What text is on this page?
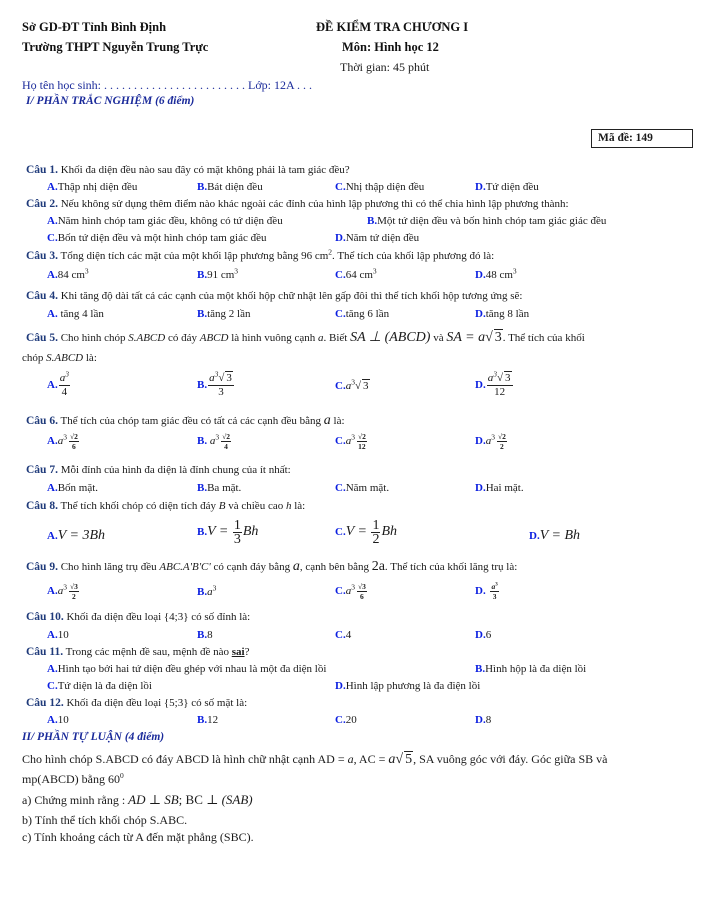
Sở GD-ĐT Tỉnh Bình Định
Trường THPT Nguyễn Trung Trực
ĐỀ KIỂM TRA CHƯƠNG I
Môn: Hình học 12
Thời gian: 45 phút
Họ tên học sinh: . . . . . . . . . . . . . . . . . . . . . . . . Lớp: 12A . . .
I/ PHẦN TRẮC NGHIỆM (6 điểm)
Mã đề: 149
Câu 1. Khối đa diện đều nào sau đây có mặt không phải là tam giác đều?
A.Thập nhị diện đều	B.Bát diện đều	C.Nhị thập diện đều	D.Tứ diện đều
Câu 2. Nếu không sử dụng thêm điểm nào khác ngoài các đỉnh của hình lập phương thì có thể chia hình lập phương thành:
A.Năm hình chóp tam giác đều, không có tứ diện đều	B.Một tứ diện đều và bốn hình chóp tam giác giác đều
C.Bốn tứ diện đều và một hình chóp tam giác đều	D.Năm tứ diện đều
Câu 3. Tổng diện tích các mặt của một khối lập phương bằng 96 $cm^2$. Thể tích của khối lập phương đó là:
A.84 $cm^3$	B.91 $cm^3$	C.64 $cm^3$	D.48 $cm^3$
Câu 4. Khi tăng độ dài tất cả các cạnh của một khối hộp chữ nhật lên gấp đôi thì thể tích khối hộp tương ứng sẽ:
A. tăng 4 lần	B.tăng 2 lần	C.tăng 6 lần	D.tăng 8 lần
Câu 5. Cho hình chóp S.ABCD có đáy ABCD là hình vuông cạnh a. Biết SA ⊥ (ABCD) và SA = a√ 3. Thể tích của khối
chóp S.ABCD là:
A. $\frac{a^3}{4}$	B. $\frac{a^3√ 3}{3}$	$C.a^3√$ 3	D. $\frac{a^3√ 3}{12}$
Câu 6. Thể tích của chóp tam giác đều có tất cả các cạnh đều bằng a là:
$A.a^3 \frac{√2}{6}$	B. $a^3 \frac{√2}{4}$	$C.a^3 \frac{√2}{12}$	$D.a^3 \frac{√2}{2}$
Câu 7. Mỗi đỉnh của hình đa diện là đỉnh chung của ít nhất:
A.Bốn mặt.	B.Ba mặt.	C.Năm mặt.	D.Hai mặt.
Câu 8. Thể tích khối chóp có diện tích đáy B và chiều cao h là:
A.V = 3Bh	$B.V = \frac{1}{3}$ Bh	$C.V = \frac{1}{2}$ Bh	D.V = Bh
Câu 9. Cho hình lăng trụ đều ABC.A'B'C' có cạnh đáy bằng a, cạnh bên bằng 2a. Thể tích của khối lăng trụ là:
$A.a^3 \frac{√3}{2}$	$B.a^3$	$C.a^3 \frac{√3}{6}$	D. $\frac{a^3}{3}$
Câu 10. Khối đa diện đều loại {4;3} có số đỉnh là:
A.10	B.8	C.4	D.6
Câu 11. Trong các mệnh đề sau, mệnh đề nào sai?
A.Hình tạo bởi hai tứ diện đều ghép với nhau là một đa diện lồi	B.Hình hộp là đa diện lồi
C.Tứ diện là đa diện lồi	D.Hình lập phương là đa điện lồi
Câu 12. Khối đa diện đều loại {5;3} có số mặt là:
A.10	B.12	C.20	D.8
II/ PHẦN TỰ LUẬN (4 điểm)
Cho hình chóp S.ABCD có đáy ABCD là hình chữ nhật cạnh AD = a, AC = a√ 5, SA vuông góc với đáy. Góc giữa SB và
mp(ABCD) bằng $60^0$
a) Chứng minh rằng : AD ⊥ SB; BC ⊥ (SAB)
b) Tính thể tích khối chóp S.ABC.
c) Tính khoảng cách từ A đến mặt phẳng (SBC).
